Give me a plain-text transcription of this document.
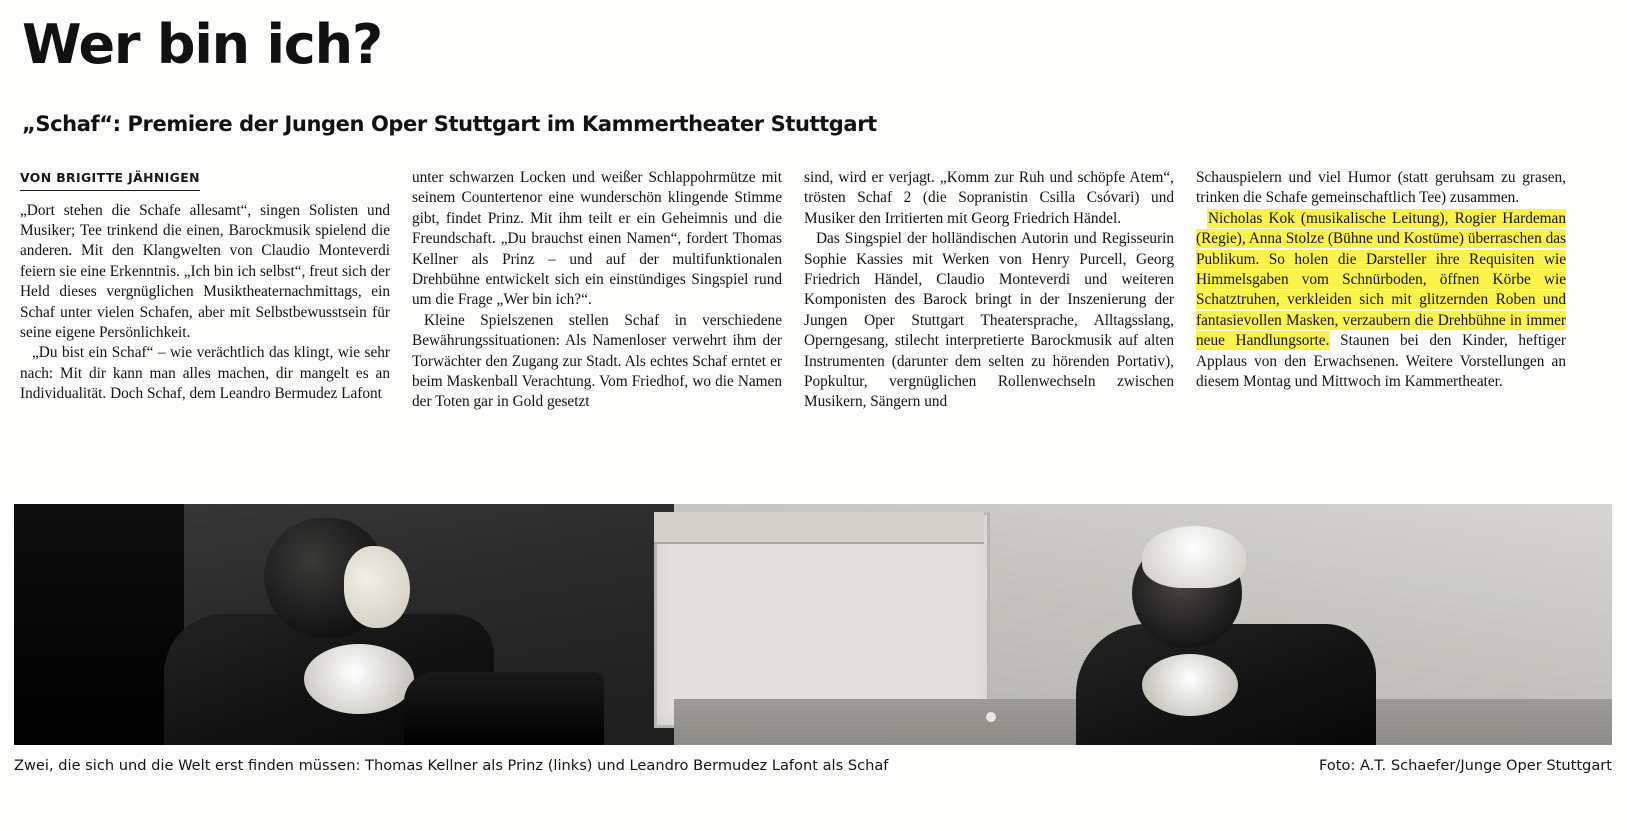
Wer bin ich?
„Schaf“: Premiere der Jungen Oper Stuttgart im Kammertheater Stuttgart
VON BRIGITTE JÄHNIGEN

„Dort stehen die Schafe allesamt“, singen Solisten und Musiker; Tee trinkend die einen, Barockmusik spielend die anderen. Mit den Klangwelten von Claudio Monteverdi feiern sie eine Erkenntnis. „Ich bin ich selbst“, freut sich der Held dieses vergnüglichen Musiktheaternachmittags, ein Schaf unter vielen Schafen, aber mit Selbstbewusstsein für seine eigene Persönlichkeit.

„Du bist ein Schaf“ – wie verächtlich das klingt, wie sehr nach: Mit dir kann man alles machen, dir mangelt es an Individualität. Doch Schaf, dem Leandro Bermudez Lafont

unter schwarzen Locken und weißer Schlappohrmütze mit seinem Countertenor eine wunderschön klingende Stimme gibt, findet Prinz. Mit ihm teilt er ein Geheimnis und die Freundschaft. „Du brauchst einen Namen“, fordert Thomas Kellner als Prinz – und auf der multifunktionalen Drehbühne entwickelt sich ein einstündiges Singspiel rund um die Frage „Wer bin ich?“.

Kleine Spielszenen stellen Schaf in verschiedene Bewährungssituationen: Als Namenloser verwehrt ihm der Torwächter den Zugang zur Stadt. Als echtes Schaf erntet er beim Maskenball Verachtung. Vom Friedhof, wo die Namen der Toten gar in Gold gesetzt

sind, wird er verjagt. „Komm zur Ruh und schöpfe Atem“, trösten Schaf 2 (die Sopranistin Csilla Csóvari) und Musiker den Irritierten mit Georg Friedrich Händel.

Das Singspiel der holländischen Autorin und Regisseurin Sophie Kassies mit Werken von Henry Purcell, Georg Friedrich Händel, Claudio Monteverdi und weiteren Komponisten des Barock bringt in der Inszenierung der Jungen Oper Stuttgart Theatersprache, Alltagsslang, Operngesang, stilecht interpretierte Barockmusik auf alten Instrumenten (darunter dem selten zu hörenden Portativ), Popkultur, vergnüglichen Rollenwechseln zwischen Musikern, Sängern und

Schauspielern und viel Humor (statt geruhsam zu grasen, trinken die Schafe gemeinschaftlich Tee) zusammen.

Nicholas Kok (musikalische Leitung), Rogier Hardeman (Regie), Anna Stolze (Bühne und Kostüme) überraschen das Publikum. So holen die Darsteller ihre Requisiten wie Himmelsgaben vom Schnürboden, öffnen Körbe wie Schatztruhen, verkleiden sich mit glitzernden Roben und fantasievollen Masken, verzaubern die Drehbühne in immer neue Handlungsorte. Staunen bei den Kinder, heftiger Applaus von den Erwachsenen. Weitere Vorstellungen an diesem Montag und Mittwoch im Kammertheater.

Zwei, die sich und die Welt erst finden müssen: Thomas Kellner als Prinz (links) und Leandro Bermudez Lafont als Schaf	Foto: A.T. Schaefer/Junge Oper Stuttgart
